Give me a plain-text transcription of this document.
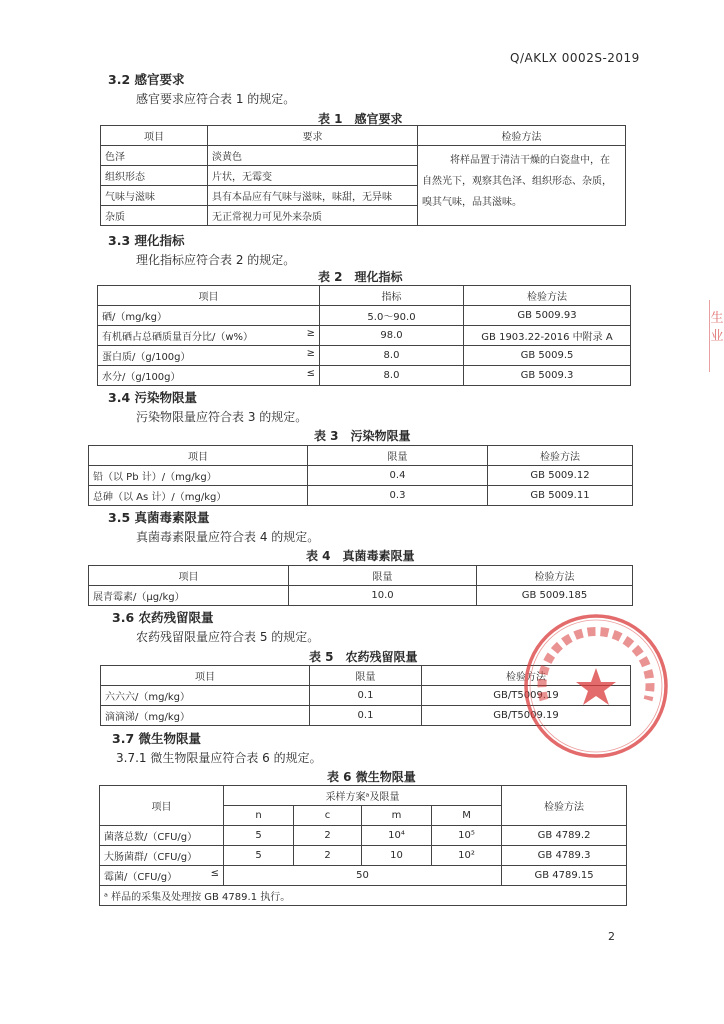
Q/AKLX 0002S-2019
3.2 感官要求
感官要求应符合表 1 的规定。
表 1　感官要求
项目	要求	检验方法
色泽	淡黄色	将样品置于清洁干燥的白瓷盘中，在
自然光下，观察其色泽、组织形态、杂质，
嗅其气味，品其滋味。

组织形态	片状，无霉变	
气味与滋味	具有本品应有气味与滋味，味甜，无异味	
杂质	无正常视力可见外来杂质	
3.3 理化指标
理化指标应符合表 2 的规定。
表 2　理化指标
项目	指标	检验方法
硒/（mg/kg）	5.0～90.0	GB 5009.93
有机硒占总硒质量百分比/（w%） ≥	98.0	GB 1903.22-2016 中附录 A
蛋白质/（g/100g） ≥	8.0	GB 5009.5
水分/（g/100g） ≤	8.0	GB 5009.3
3.4 污染物限量
污染物限量应符合表 3 的规定。
表 3　污染物限量
项目	限量	检验方法
铅（以 Pb 计）/（mg/kg）	0.4	GB 5009.12
总砷（以 As 计）/（mg/kg）	0.3	GB 5009.11
3.5 真菌毒素限量
真菌毒素限量应符合表 4 的规定。
表 4　真菌毒素限量
项目	限量	检验方法
展青霉素/（μg/kg）	10.0	GB 5009.185
3.6 农药残留限量
农药残留限量应符合表 5 的规定。
表 5　农药残留限量
项目	限量	检验方法
六六六/（mg/kg）	0.1	GB/T5009.19
滴滴涕/（mg/kg）	0.1	GB/T5009.19
3.7 微生物限量
3.7.1 微生物限量应符合表 6 的规定。
表 6 微生物限量
项目	采样方案ᵃ及限量				检验方法
	n	c	m	M	
菌落总数/（CFU/g）	5	2	10⁴	10⁵	GB 4789.2
大肠菌群/（CFU/g）	5	2	10	10²	GB 4789.3
霉菌/（CFU/g） ≤	50				GB 4789.15
ᵃ 样品的采集及处理按 GB 4789.1 执行。					
2
生
业
